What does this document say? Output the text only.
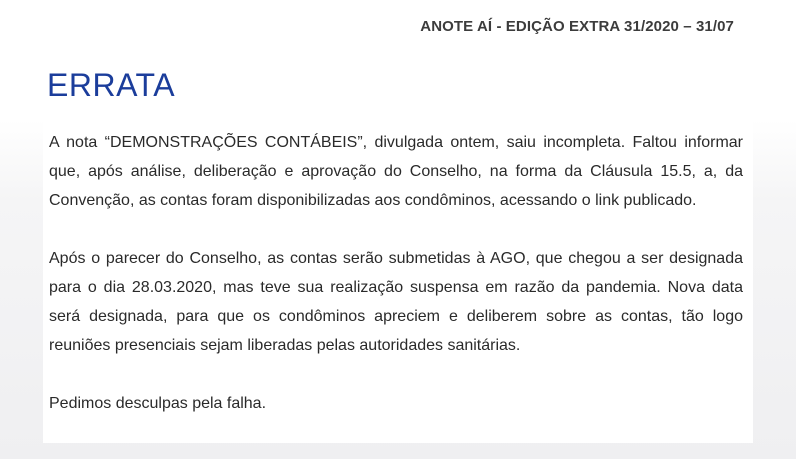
ANOTE AÍ - EDIÇÃO EXTRA 31/2020 – 31/07
ERRATA

A nota “DEMONSTRAÇÕES CONTÁBEIS”, divulgada ontem, saiu incompleta. Faltou informar que, após análise, deliberação e aprovação do Conselho, na forma da Cláusula 15.5, a, da Convenção, as contas foram disponibilizadas aos condôminos, acessando o link publicado.

Após o parecer do Conselho, as contas serão submetidas à AGO, que chegou a ser designada para o dia 28.03.2020, mas teve sua realização suspensa em razão da pandemia. Nova data será designada, para que os condôminos apreciem e deliberem sobre as contas, tão logo reuniões presenciais sejam liberadas pelas autoridades sanitárias.

Pedimos desculpas pela falha.
